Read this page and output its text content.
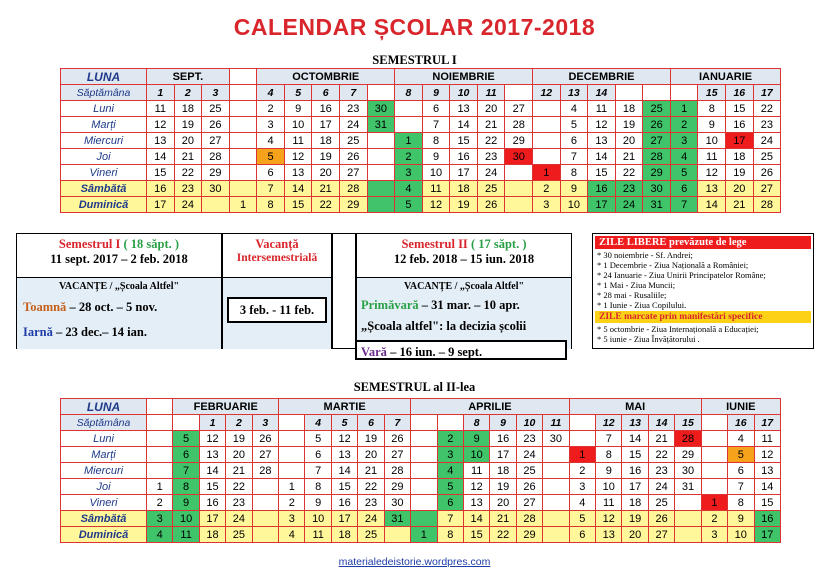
CALENDAR ȘCOLAR 2017-2018
SEMESTRUL I
LUNA	SEPT.				OCTOMBRIE					NOIEMBRIE					DECEMBRIE					IANUARIE				
Săptămâna	1	2	3		4	5	6	7		8	9	10	11		12	13	14				15	16	17	
Luni	11	18	25		2	9	16	23	30		6	13	20	27		4	11	18	25	1	8	15	22	
Marți	12	19	26		3	10	17	24	31		7	14	21	28		5	12	19	26	2	9	16	23	
Miercuri	13	20	27		4	11	18	25		1	8	15	22	29		6	13	20	27	3	10	17	24	
Joi	14	21	28		5	12	19	26		2	9	16	23	30		7	14	21	28	4	11	18	25	
Vineri	15	22	29		6	13	20	27		3	10	17	24		1	8	15	22	29	5	12	19	26	
Sâmbătă	16	23	30		7	14	21	28		4	11	18	25		2	9	16	23	30	6	13	20	27	
Duminică	17	24		1	8	15	22	29		5	12	19	26		3	10	17	24	31	7	14	21	28	
Semestrul I ( 18 săpt. )
11 sept. 2017 – 2 feb. 2018
VACANȚE / „Școala Altfel"
Toamnă – 28 oct. – 5 nov.
Iarnă – 23 dec.– 14 ian.
Vacanță
Intersemestrială
3 feb. - 11 feb.
Semestrul II ( 17 săpt. )
12 feb. 2018 – 15 iun. 2018
VACANȚE / „Școala Altfel"
Primăvară – 31 mar. – 10 apr.
„Școala altfel": la decizia școlii
Vară – 16 iun. – 9 sept.
ZILE LIBERE prevăzute de lege
* 30 noiembrie - Sf. Andrei;
* 1 Decembrie - Ziua Națională a României;
* 24 Ianuarie - Ziua Unirii Principatelor Române;
* 1 Mai - Ziua Muncii;
* 28 mai - Rusaliile;
* 1 Iunie - Ziua Copilului.
ZILE marcate prin manifestări specifice
* 5 octombrie - Ziua Internațională a Educației;
* 5 iunie - Ziua Învățătorului .
SEMESTRUL al II-lea
LUNA		FEBRUARIE				MARTIE					APRILIE						MAI					IUNIE		
Săptămâna			1	2	3		4	5	6	7			8	9	10	11		12	13	14	15		16	17
Luni		5	12	19	26		5	12	19	26		2	9	16	23	30		7	14	21	28		4	11
Marți		6	13	20	27		6	13	20	27		3	10	17	24		1	8	15	22	29		5	12
Miercuri		7	14	21	28		7	14	21	28		4	11	18	25		2	9	16	23	30		6	13
Joi	1	8	15	22		1	8	15	22	29		5	12	19	26		3	10	17	24	31		7	14
Vineri	2	9	16	23		2	9	16	23	30		6	13	20	27		4	11	18	25		1	8	15
Sâmbătă	3	10	17	24		3	10	17	24	31		7	14	21	28		5	12	19	26		2	9	16
Duminică	4	11	18	25		4	11	18	25		1	8	15	22	29		6	13	20	27		3	10	17
materialedeistorie.wordpres.com
